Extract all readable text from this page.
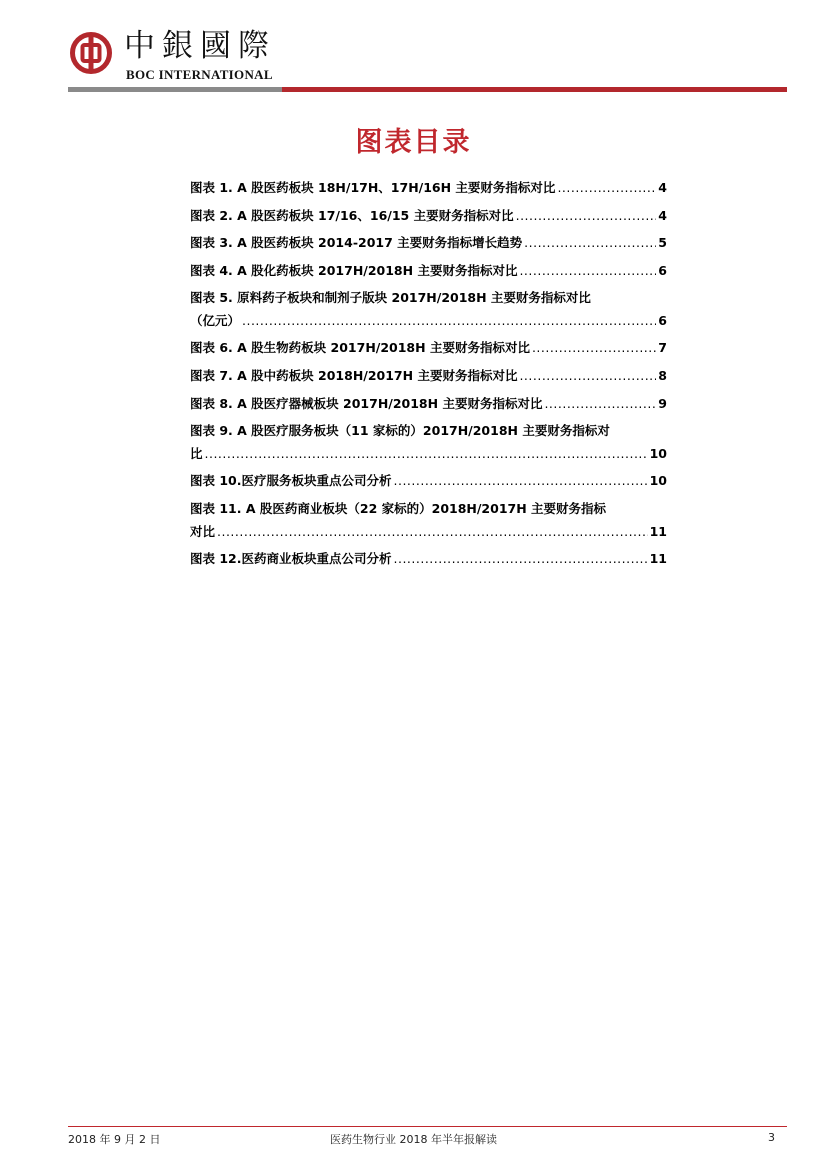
中銀國際
BOC INTERNATIONAL
图表目录
图表 1. A 股医药板块 18H/17H、17H/16H 主要财务指标对比 .....	4
图表 2. A 股医药板块 17/16、16/15 主要财务指标对比 .....	4
图表 3. A 股医药板块 2014-2017 主要财务指标增长趋势 .....	5
图表 4. A 股化药板块 2017H/2018H 主要财务指标对比 .....	6
图表 5. 原料药子板块和制剂子版块 2017H/2018H 主要财务指标对比
（亿元） .....	6
图表 6. A 股生物药板块 2017H/2018H 主要财务指标对比 .....	7
图表 7. A 股中药板块 2018H/2017H 主要财务指标对比 .....	8
图表 8. A 股医疗器械板块 2017H/2018H 主要财务指标对比 .....	9
图表 9. A 股医疗服务板块（11 家标的）2017H/2018H 主要财务指标对
比 .....	10
图表 10.医疗服务板块重点公司分析 .....	10
图表 11. A 股医药商业板块（22 家标的）2018H/2017H 主要财务指标
对比 .....	11
图表 12.医药商业板块重点公司分析 .....	11
2018 年 9 月 2 日	医药生物行业 2018 年半年报解读	3
